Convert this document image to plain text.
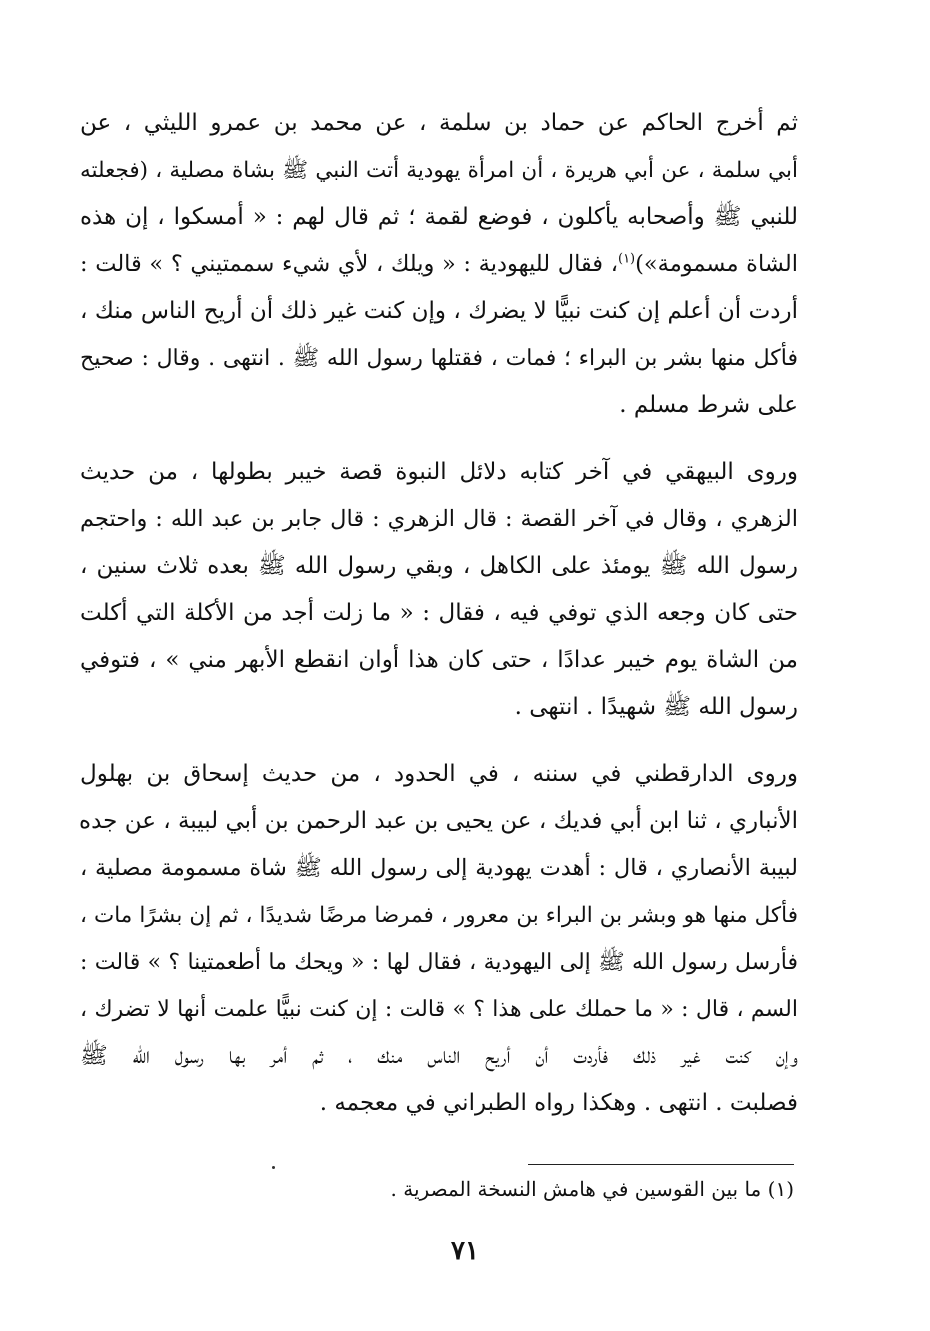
ثم أخرج الحاكم عن حماد بن سلمة ، عن محمد بن عمرو الليثي ، عن
أبي سلمة ، عن أبي هريرة ، أن امرأة يهودية أتت النبي ﷺ بشاة مصلية ، (فجعلته
للنبي ﷺ وأصحابه يأكلون ، فوضع لقمة ؛ ثم قال لهم : « أمسكوا ، إن هذه
الشاة مسمومة»)$^{(١)}$، فقال لليهودية : « ويلك ، لأي شيء سممتيني ؟ » قالت :
أردت أن أعلم إن كنت نبيًّا لا يضرك ، وإن كنت غير ذلك أن أريح الناس منك ،
فأكل منها بشر بن البراء ؛ فمات ، فقتلها رسول الله ﷺ . انتهى . وقال : صحيح
على شرط مسلم .

وروى البيهقي في آخر كتابه دلائل النبوة قصة خيبر بطولها ، من حديث
الزهري ، وقال في آخر القصة : قال الزهري : قال جابر بن عبد الله : واحتجم
رسول الله ﷺ يومئذ على الكاهل ، وبقي رسول الله ﷺ بعده ثلاث سنين ،
حتى كان وجعه الذي توفي فيه ، فقال : « ما زلت أجد من الأكلة التي أكلت
من الشاة يوم خيبر عدادًا ، حتى كان هذا أوان انقطع الأبهر مني » ، فتوفي
رسول الله ﷺ شهيدًا . انتهى .

وروى الدارقطني في سننه ، في الحدود ، من حديث إسحاق بن بهلول
الأنباري ، ثنا ابن أبي فديك ، عن يحيى بن عبد الرحمن بن أبي لبيبة ، عن جده
لبيبة الأنصاري ، قال : أهدت يهودية إلى رسول الله ﷺ شاة مسمومة مصلية ،
فأكل منها هو وبشر بن البراء بن معرور ، فمرضا مرضًا شديدًا ، ثم إن بشرًا مات ،
فأرسل رسول الله ﷺ إلى اليهودية ، فقال لها : « ويحك ما أطعمتينا ؟ » قالت :
السم ، قال : « ما حملك على هذا ؟ » قالت : إن كنت نبيًّا علمت أنها لا تضرك ،
وإن كنت غير ذلك فأردت أن أريح الناس منك ، ثم أمر بها رسول الله ﷺ
فصلبت . انتهى . وهكذا رواه الطبراني في معجمه .

(١) ما بين القوسين في هامش النسخة المصرية .
٧١
